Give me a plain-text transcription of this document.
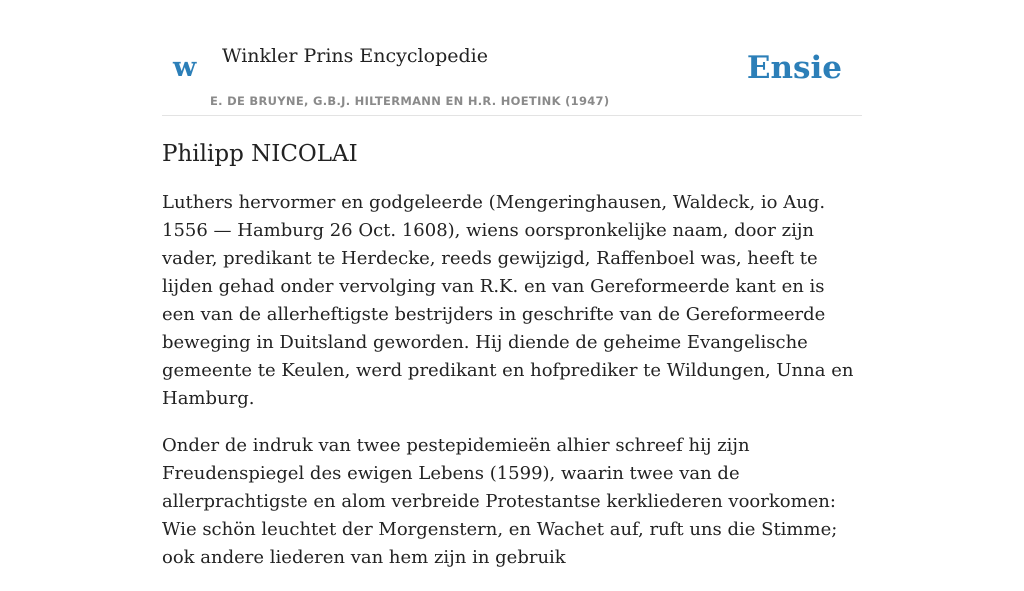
w Winkler Prins Encyclopedie
E. DE BRUYNE, G.B.J. HILTERMANN EN H.R. HOETINK (1947)
Ensie
Philipp NICOLAI

Luthers hervormer en godgeleerde (Mengeringhausen, Waldeck, io Aug. 1556 — Hamburg 26 Oct. 1608), wiens oorspronkelijke naam, door zijn vader, predikant te Herdecke, reeds gewijzigd, Raffenboel was, heeft te lijden gehad onder vervolging van R.K. en van Gereformeerde kant en is een van de allerheftigste bestrijders in geschrifte van de Gereformeerde beweging in Duitsland geworden. Hij diende de geheime Evangelische gemeente te Keulen, werd predikant en hofprediker te Wildungen, Unna en Hamburg.

Onder de indruk van twee pestepidemieën alhier schreef hij zijn Freudenspiegel des ewigen Lebens (1599), waarin twee van de allerprachtigste en alom verbreide Protestantse kerkliederen voorkomen: Wie schön leuchtet der Morgenstern, en Wachet auf, ruft uns die Stimme; ook andere liederen van hem zijn in gebruik
